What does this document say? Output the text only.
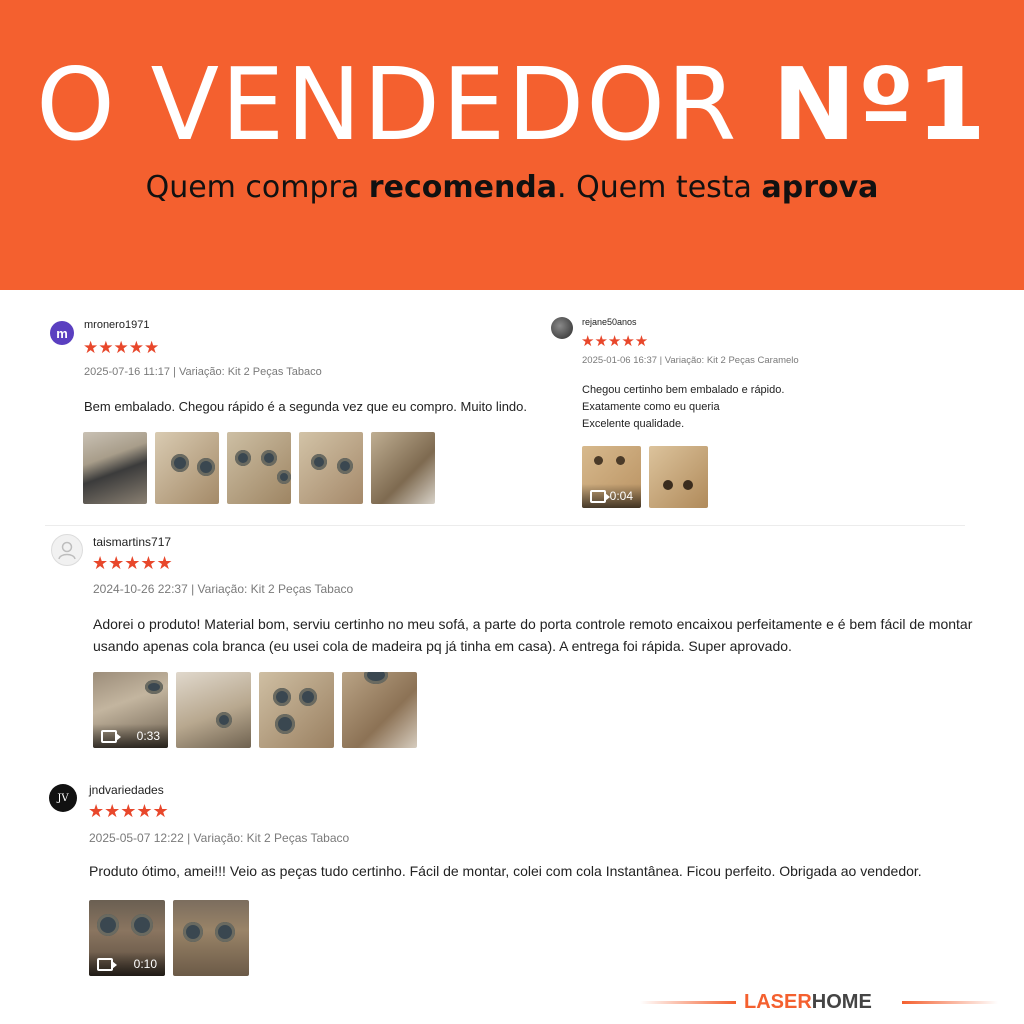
O VENDEDOR Nº1
Quem compra recomenda. Quem testa aprova
m
mronero1971
★★★★★
2025-07-16 11:17 | Variação: Kit 2 Peças Tabaco
Bem embalado. Chegou rápido é a segunda vez que eu compro. Muito lindo.
rejane50anos
★★★★★
2025-01-06 16:37 | Variação: Kit 2 Peças Caramelo
Chegou certinho bem embalado e rápido.
Exatamente como eu queria
Excelente qualidade.
0:04
taismartins717
★★★★★
2024-10-26 22:37 | Variação: Kit 2 Peças Tabaco
Adorei o produto! Material bom, serviu certinho no meu sofá, a parte do porta controle remoto encaixou perfeitamente e é bem fácil de montar usando apenas cola branca (eu usei cola de madeira pq já tinha em casa). A entrega foi rápida. Super aprovado.
0:33
JV
jndvariedades
★★★★★
2025-05-07 12:22 | Variação: Kit 2 Peças Tabaco
Produto ótimo, amei!!! Veio as peças tudo certinho. Fácil de montar, colei com cola Instantânea. Ficou perfeito. Obrigada ao vendedor.
0:10
LASERHOME
